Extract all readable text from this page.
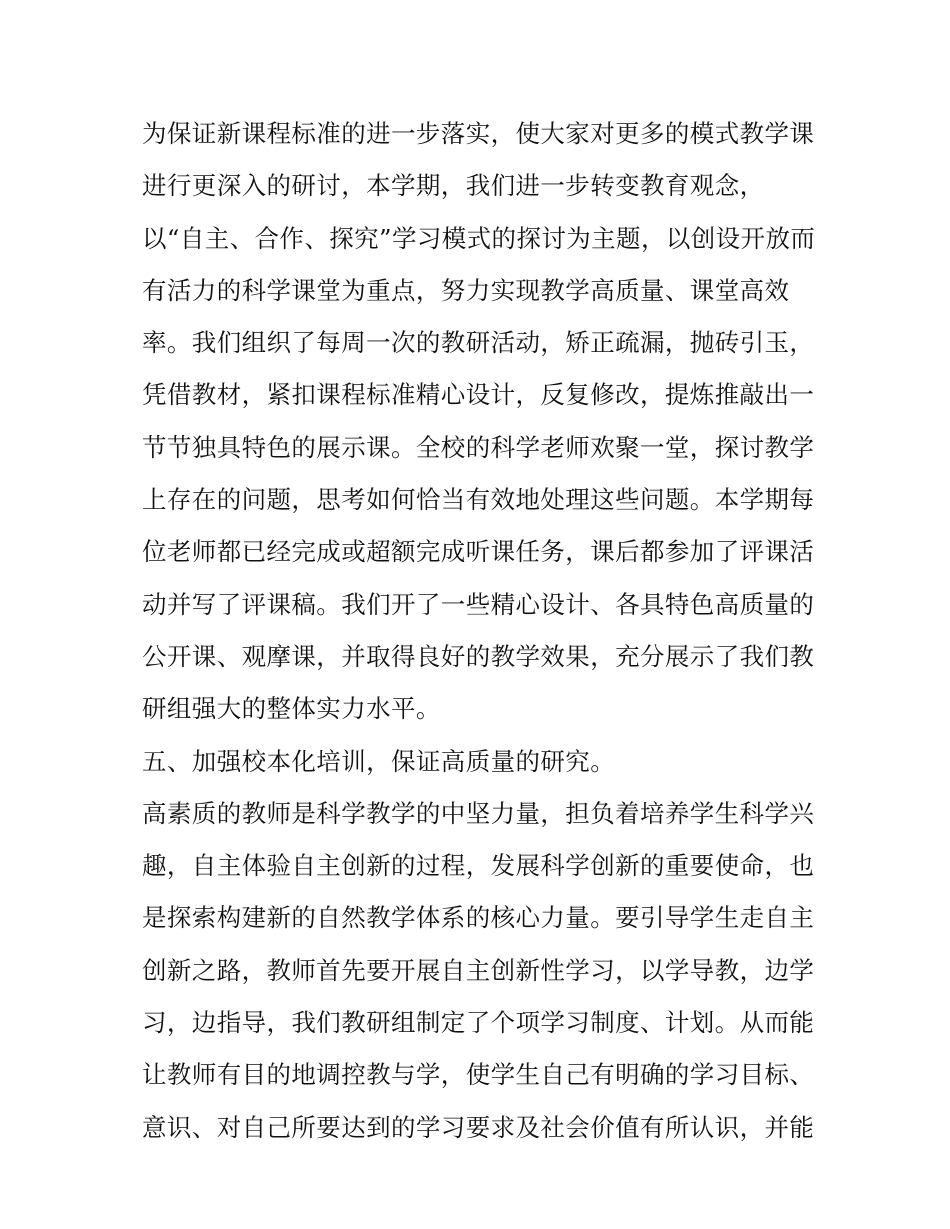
为保证新课程标准的进一步落实，使大家对更多的模式教学课
进行更深入的研讨，本学期，我们进一步转变教育观念，
以“自主、合作、探究”学习模式的探讨为主题，以创设开放而
有活力的科学课堂为重点，努力实现教学高质量、课堂高效
率。我们组织了每周一次的教研活动，矫正疏漏，抛砖引玉，
凭借教材，紧扣课程标准精心设计，反复修改，提炼推敲出一
节节独具特色的展示课。全校的科学老师欢聚一堂，探讨教学
上存在的问题，思考如何恰当有效地处理这些问题。本学期每
位老师都已经完成或超额完成听课任务，课后都参加了评课活
动并写了评课稿。我们开了一些精心设计、各具特色高质量的
公开课、观摩课，并取得良好的教学效果，充分展示了我们教
研组强大的整体实力水平。
五、加强校本化培训，保证高质量的研究。
高素质的教师是科学教学的中坚力量，担负着培养学生科学兴
趣，自主体验自主创新的过程，发展科学创新的重要使命，也
是探索构建新的自然教学体系的核心力量。要引导学生走自主
创新之路，教师首先要开展自主创新性学习，以学导教，边学
习，边指导，我们教研组制定了个项学习制度、计划。从而能
让教师有目的地调控教与学，使学生自己有明确的学习目标、
意识、对自己所要达到的学习要求及社会价值有所认识，并能
